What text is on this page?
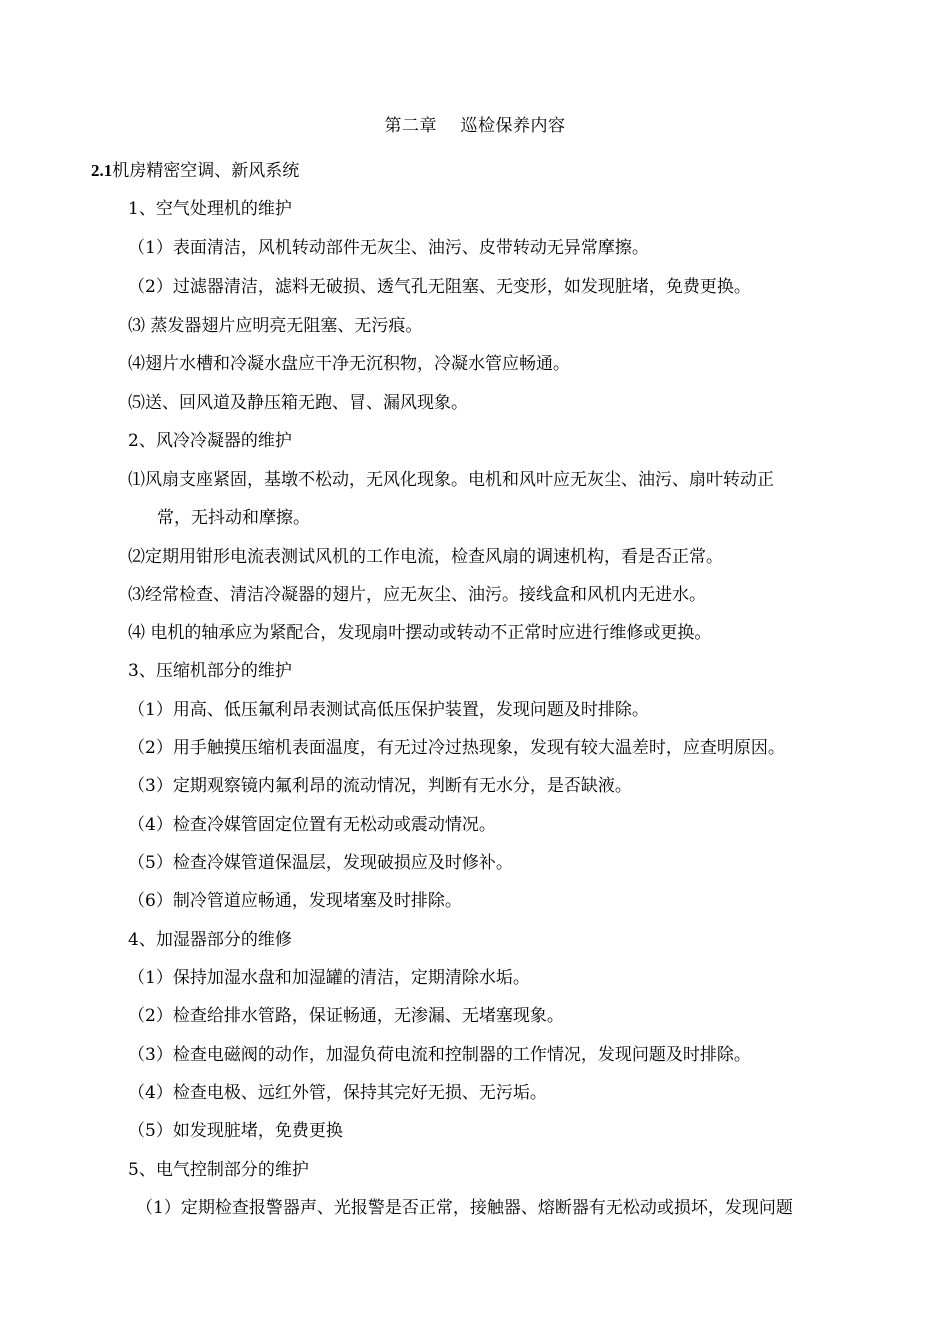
第二章　 巡检保养内容
2.1机房精密空调、新风系统
1、空气处理机的维护
（1）表面清洁，风机转动部件无灰尘、油污、皮带转动无异常摩擦。
（2）过滤器清洁，滤料无破损、透气孔无阻塞、无变形，如发现脏堵，免费更换。
⑶ 蒸发器翅片应明亮无阻塞、无污痕。
⑷翅片水槽和冷凝水盘应干净无沉积物，冷凝水管应畅通。
⑸送、回风道及静压箱无跑、冒、漏风现象。
2、风冷冷凝器的维护
⑴风扇支座紧固，基墩不松动，无风化现象。电机和风叶应无灰尘、油污、扇叶转动正
常，无抖动和摩擦。
⑵定期用钳形电流表测试风机的工作电流，检查风扇的调速机构，看是否正常。
⑶经常检查、清洁冷凝器的翅片，应无灰尘、油污。接线盒和风机内无进水。
⑷ 电机的轴承应为紧配合，发现扇叶摆动或转动不正常时应进行维修或更换。
3、压缩机部分的维护
（1）用高、低压氟利昂表测试高低压保护装置，发现问题及时排除。
（2）用手触摸压缩机表面温度，有无过冷过热现象，发现有较大温差时，应查明原因。
（3）定期观察镜内氟利昂的流动情况，判断有无水分，是否缺液。
（4）检查冷媒管固定位置有无松动或震动情况。
（5）检查冷媒管道保温层，发现破损应及时修补。
（6）制冷管道应畅通，发现堵塞及时排除。
4、加湿器部分的维修
（1）保持加湿水盘和加湿罐的清洁，定期清除水垢。
（2）检查给排水管路，保证畅通，无渗漏、无堵塞现象。
（3）检查电磁阀的动作，加湿负荷电流和控制器的工作情况，发现问题及时排除。
（4）检查电极、远红外管，保持其完好无损、无污垢。
（5）如发现脏堵，免费更换
5、电气控制部分的维护
（1）定期检查报警器声、光报警是否正常，接触器、熔断器有无松动或损坏，发现问题
